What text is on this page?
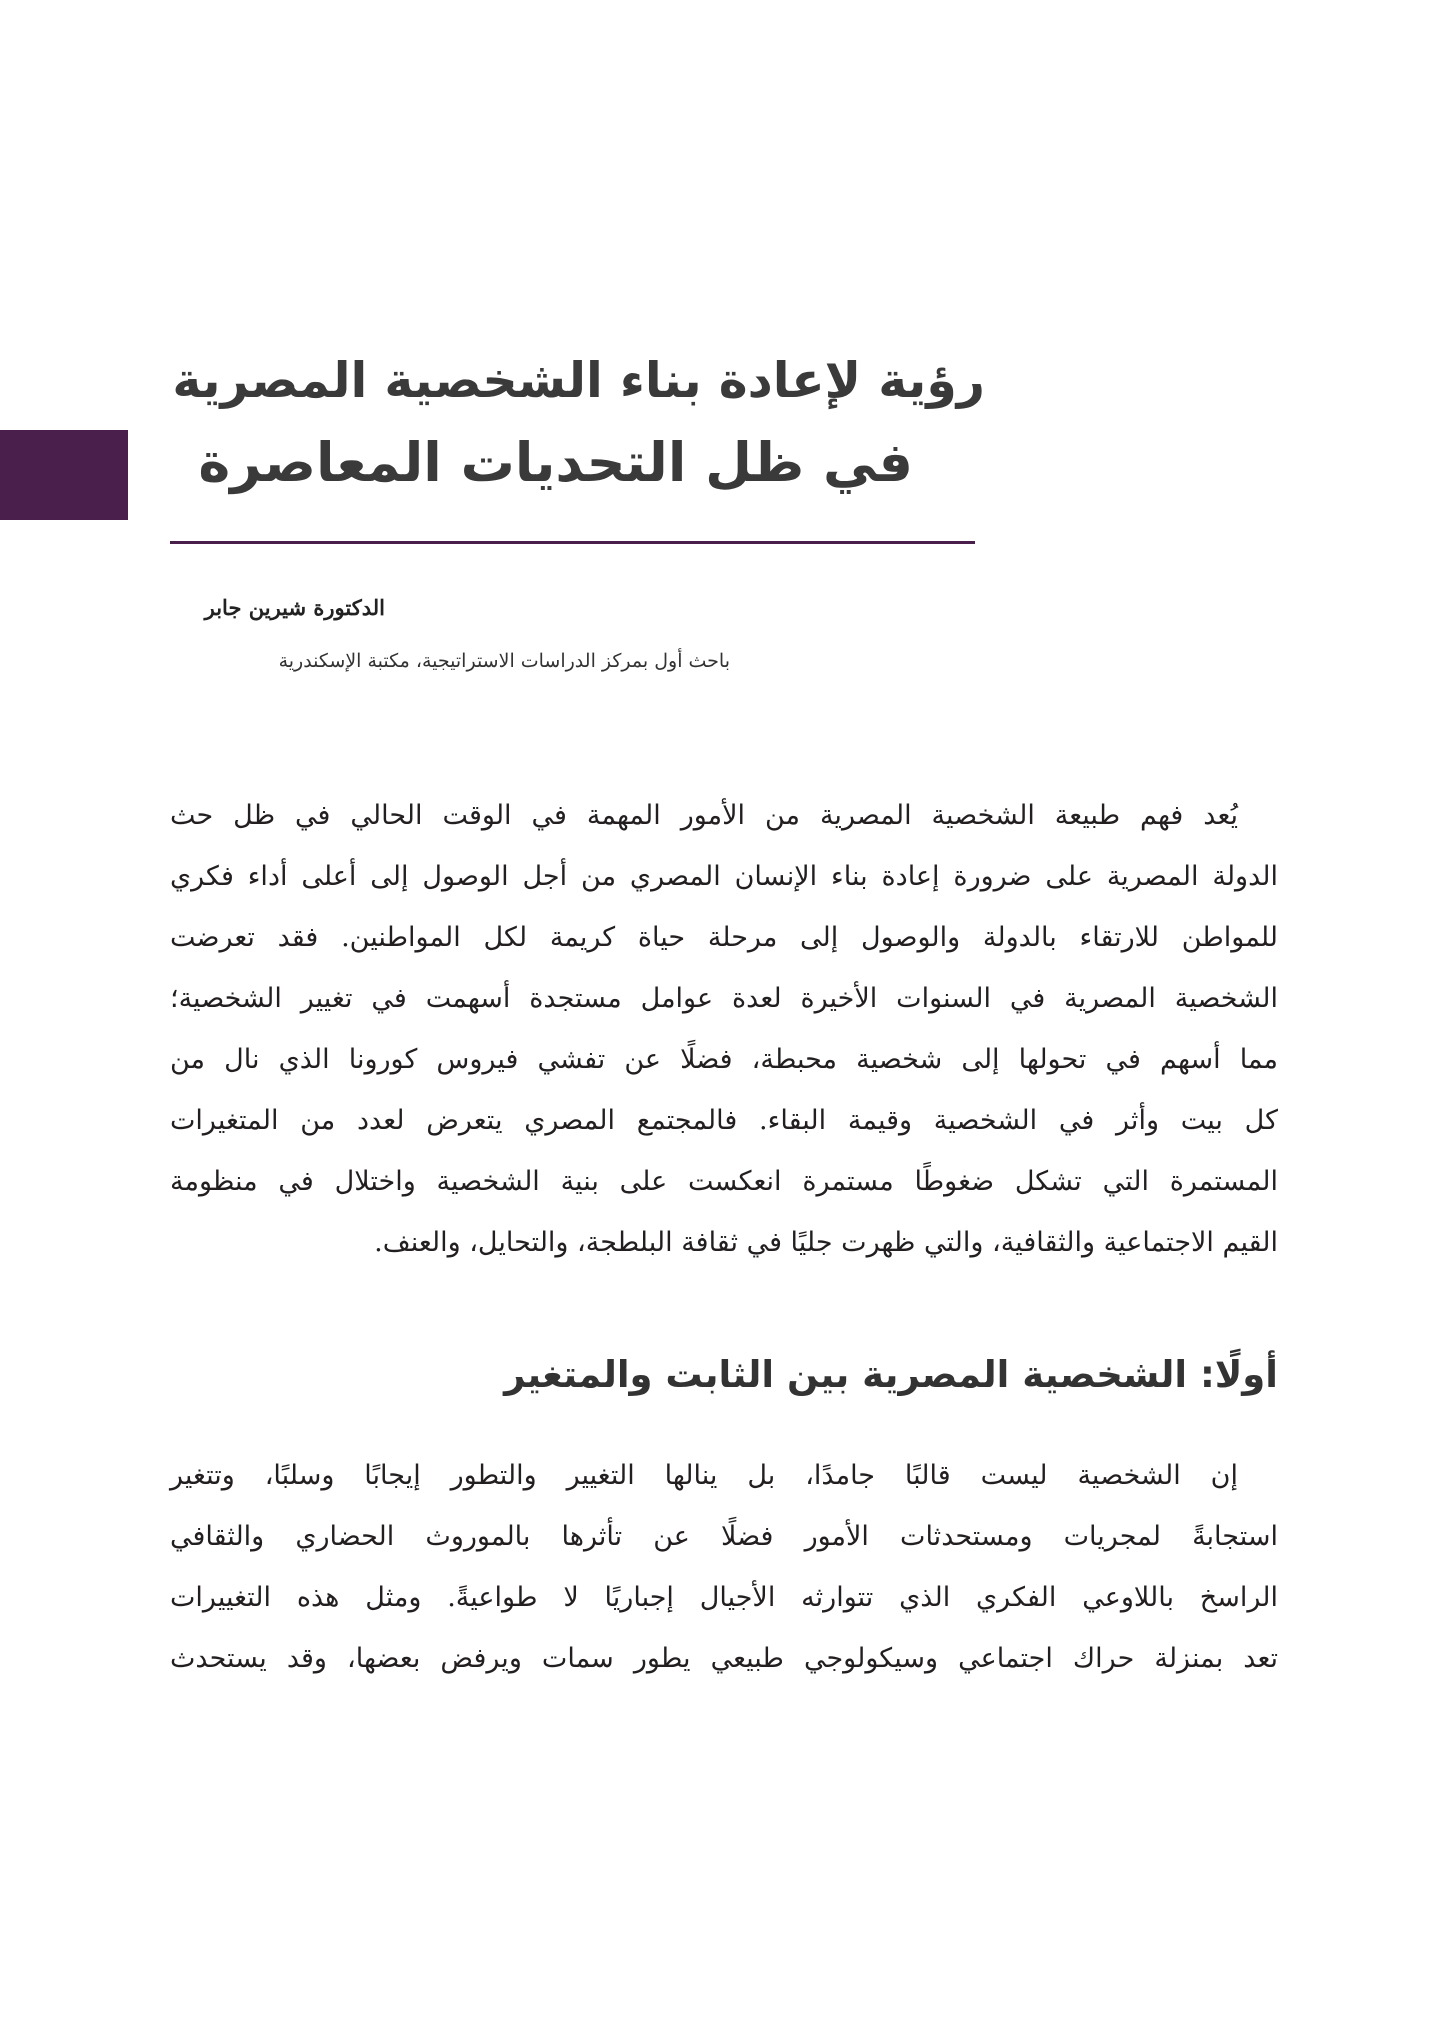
رؤية لإعادة بناء الشخصية المصرية
في ظل التحديات المعاصرة
الدكتورة شيرين جابر
باحث أول بمركز الدراسات الاستراتيجية، مكتبة الإسكندرية
يُعد فهم طبيعة الشخصية المصرية من الأمور المهمة في الوقت الحالي في ظل حث
الدولة المصرية على ضرورة إعادة بناء الإنسان المصري من أجل الوصول إلى أعلى أداء فكري
للمواطن للارتقاء بالدولة والوصول إلى مرحلة حياة كريمة لكل المواطنين. فقد تعرضت
الشخصية المصرية في السنوات الأخيرة لعدة عوامل مستجدة أسهمت في تغيير الشخصية؛
مما أسهم في تحولها إلى شخصية محبطة، فضلًا عن تفشي فيروس كورونا الذي نال من
كل بيت وأثر في الشخصية وقيمة البقاء. فالمجتمع المصري يتعرض لعدد من المتغيرات
المستمرة التي تشكل ضغوطًا مستمرة انعكست على بنية الشخصية واختلال في منظومة
القيم الاجتماعية والثقافية، والتي ظهرت جليًا في ثقافة البلطجة، والتحايل، والعنف.
أولًا: الشخصية المصرية بين الثابت والمتغير
إن الشخصية ليست قالبًا جامدًا، بل ينالها التغيير والتطور إيجابًا وسلبًا، وتتغير
استجابةً لمجريات ومستحدثات الأمور فضلًا عن تأثرها بالموروث الحضاري والثقافي
الراسخ باللاوعي الفكري الذي تتوارثه الأجيال إجباريًا لا طواعيةً. ومثل هذه التغييرات
تعد بمنزلة حراك اجتماعي وسيكولوجي طبيعي يطور سمات ويرفض بعضها، وقد يستحدث
